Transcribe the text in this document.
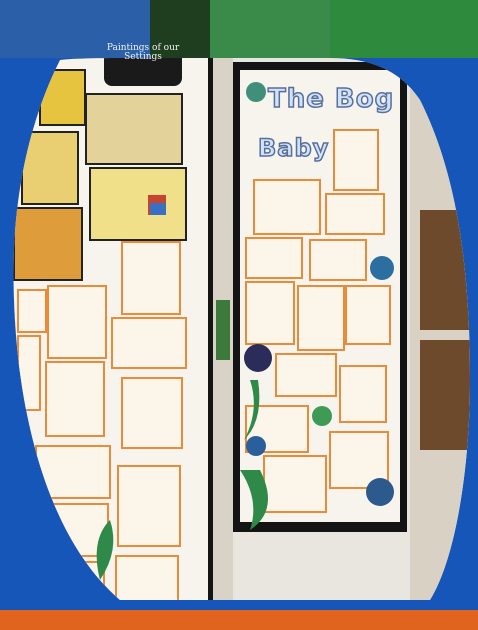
Paintings of our Settings
The Bog
Baby
